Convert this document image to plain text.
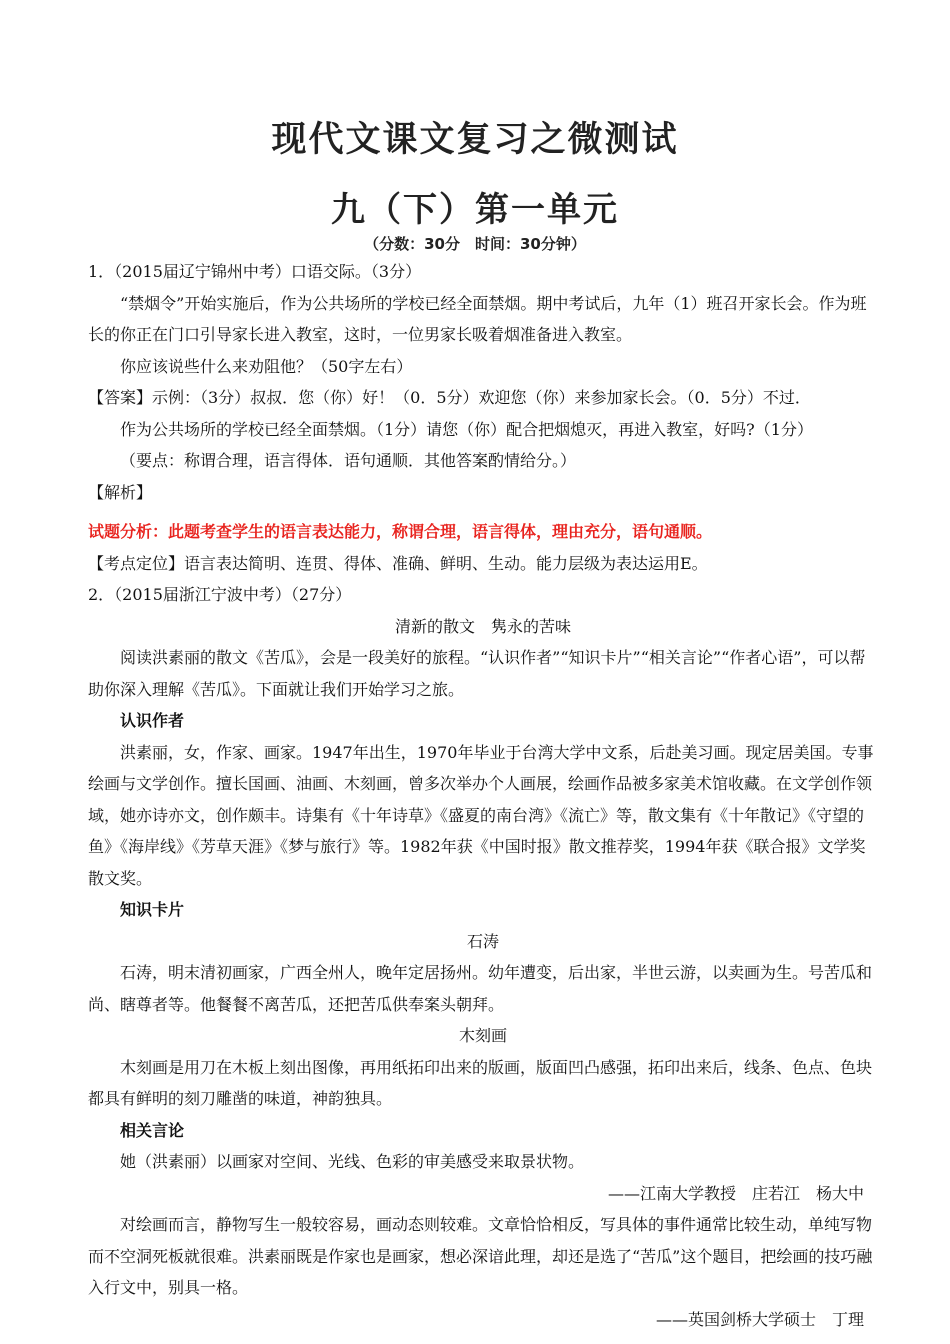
现代文课文复习之微测试
九（下）第一单元
（分数：30分　时间：30分钟）

1．（2015届辽宁锦州中考）口语交际。（3分）

“禁烟令”开始实施后，作为公共场所的学校已经全面禁烟。期中考试后，九年（1）班召开家长会。作为班长的你正在门口引导家长进入教室，这时，一位男家长吸着烟准备进入教室。

你应该说些什么来劝阻他？（50字左右）

【答案】示例：（3分）叔叔．您（你）好！（0．5分）欢迎您（你）来参加家长会。（0．5分）不过．

作为公共场所的学校已经全面禁烟。（1分）请您（你）配合把烟熄灭，再进入教室，好吗?（1分）

（要点：称谓合理，语言得体．语句通顺．其他答案酌情给分。）

【解析】

试题分析：此题考查学生的语言表达能力，称谓合理，语言得体，理由充分，语句通顺。

【考点定位】语言表达简明、连贯、得体、准确、鲜明、生动。能力层级为表达运用E。

2．（2015届浙江宁波中考）（27分）

清新的散文　隽永的苦味

阅读洪素丽的散文《苦瓜》，会是一段美好的旅程。“认识作者”“知识卡片”“相关言论”“作者心语”，可以帮助你深入理解《苦瓜》。下面就让我们开始学习之旅。

认识作者

洪素丽，女，作家、画家。1947年出生，1970年毕业于台湾大学中文系，后赴美习画。现定居美国。专事绘画与文学创作。擅长国画、油画、木刻画，曾多次举办个人画展，绘画作品被多家美术馆收藏。在文学创作领域，她亦诗亦文，创作颇丰。诗集有《十年诗草》《盛夏的南台湾》《流亡》等，散文集有《十年散记》《守望的鱼》《海岸线》《芳草天涯》《梦与旅行》等。1982年获《中国时报》散文推荐奖，1994年获《联合报》文学奖散文奖。

知识卡片

石涛

石涛，明末清初画家，广西全州人，晚年定居扬州。幼年遭变，后出家，半世云游，以卖画为生。号苦瓜和尚、瞎尊者等。他餐餐不离苦瓜，还把苦瓜供奉案头朝拜。

木刻画

木刻画是用刀在木板上刻出图像，再用纸拓印出来的版画，版面凹凸感强，拓印出来后，线条、色点、色块都具有鲜明的刻刀雕凿的味道，神韵独具。

相关言论

她（洪素丽）以画家对空间、光线、色彩的审美感受来取景状物。

——江南大学教授　庄若江　杨大中

对绘画而言，静物写生一般较容易，画动态则较难。文章恰恰相反，写具体的事件通常比较生动，单纯写物而不空洞死板就很难。洪素丽既是作家也是画家，想必深谙此理，却还是选了“苦瓜”这个题目，把绘画的技巧融入行文中，别具一格。

——英国剑桥大学硕士　丁理
